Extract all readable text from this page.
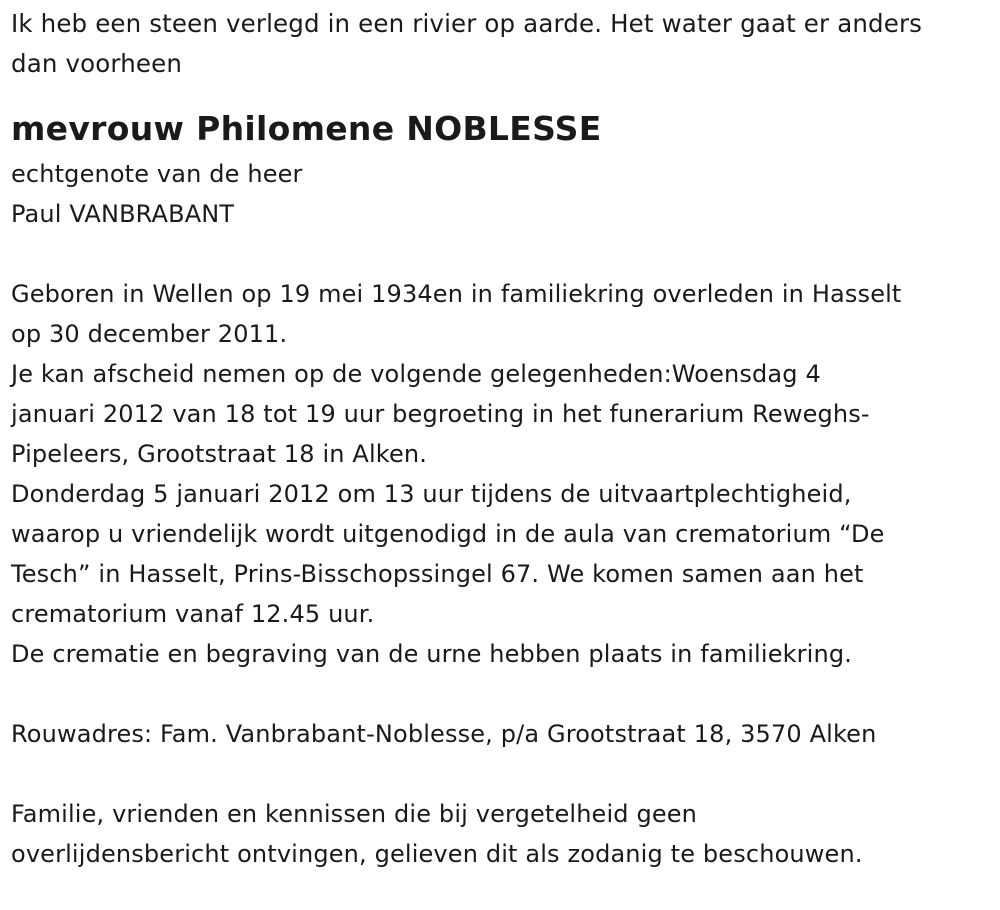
Ik heb een steen verlegd in een rivier op aarde. Het water gaat er anders
dan voorheen
mevrouw Philomene NOBLESSE
echtgenote van de heer
Paul VANBRABANT
Geboren in Wellen op 19 mei 1934en in familiekring overleden in Hasselt
op 30 december 2011.
Je kan afscheid nemen op de volgende gelegenheden:Woensdag 4
januari 2012 van 18 tot 19 uur begroeting in het funerarium Reweghs-
Pipeleers, Grootstraat 18 in Alken.
Donderdag 5 januari 2012 om 13 uur tijdens de uitvaartplechtigheid,
waarop u vriendelijk wordt uitgenodigd in de aula van crematorium “De
Tesch” in Hasselt, Prins-Bisschopssingel 67. We komen samen aan het
crematorium vanaf 12.45 uur.
De crematie en begraving van de urne hebben plaats in familiekring.
Rouwadres: Fam. Vanbrabant-Noblesse, p/a Grootstraat 18, 3570 Alken
Familie, vrienden en kennissen die bij vergetelheid geen
overlijdensbericht ontvingen, gelieven dit als zodanig te beschouwen.
